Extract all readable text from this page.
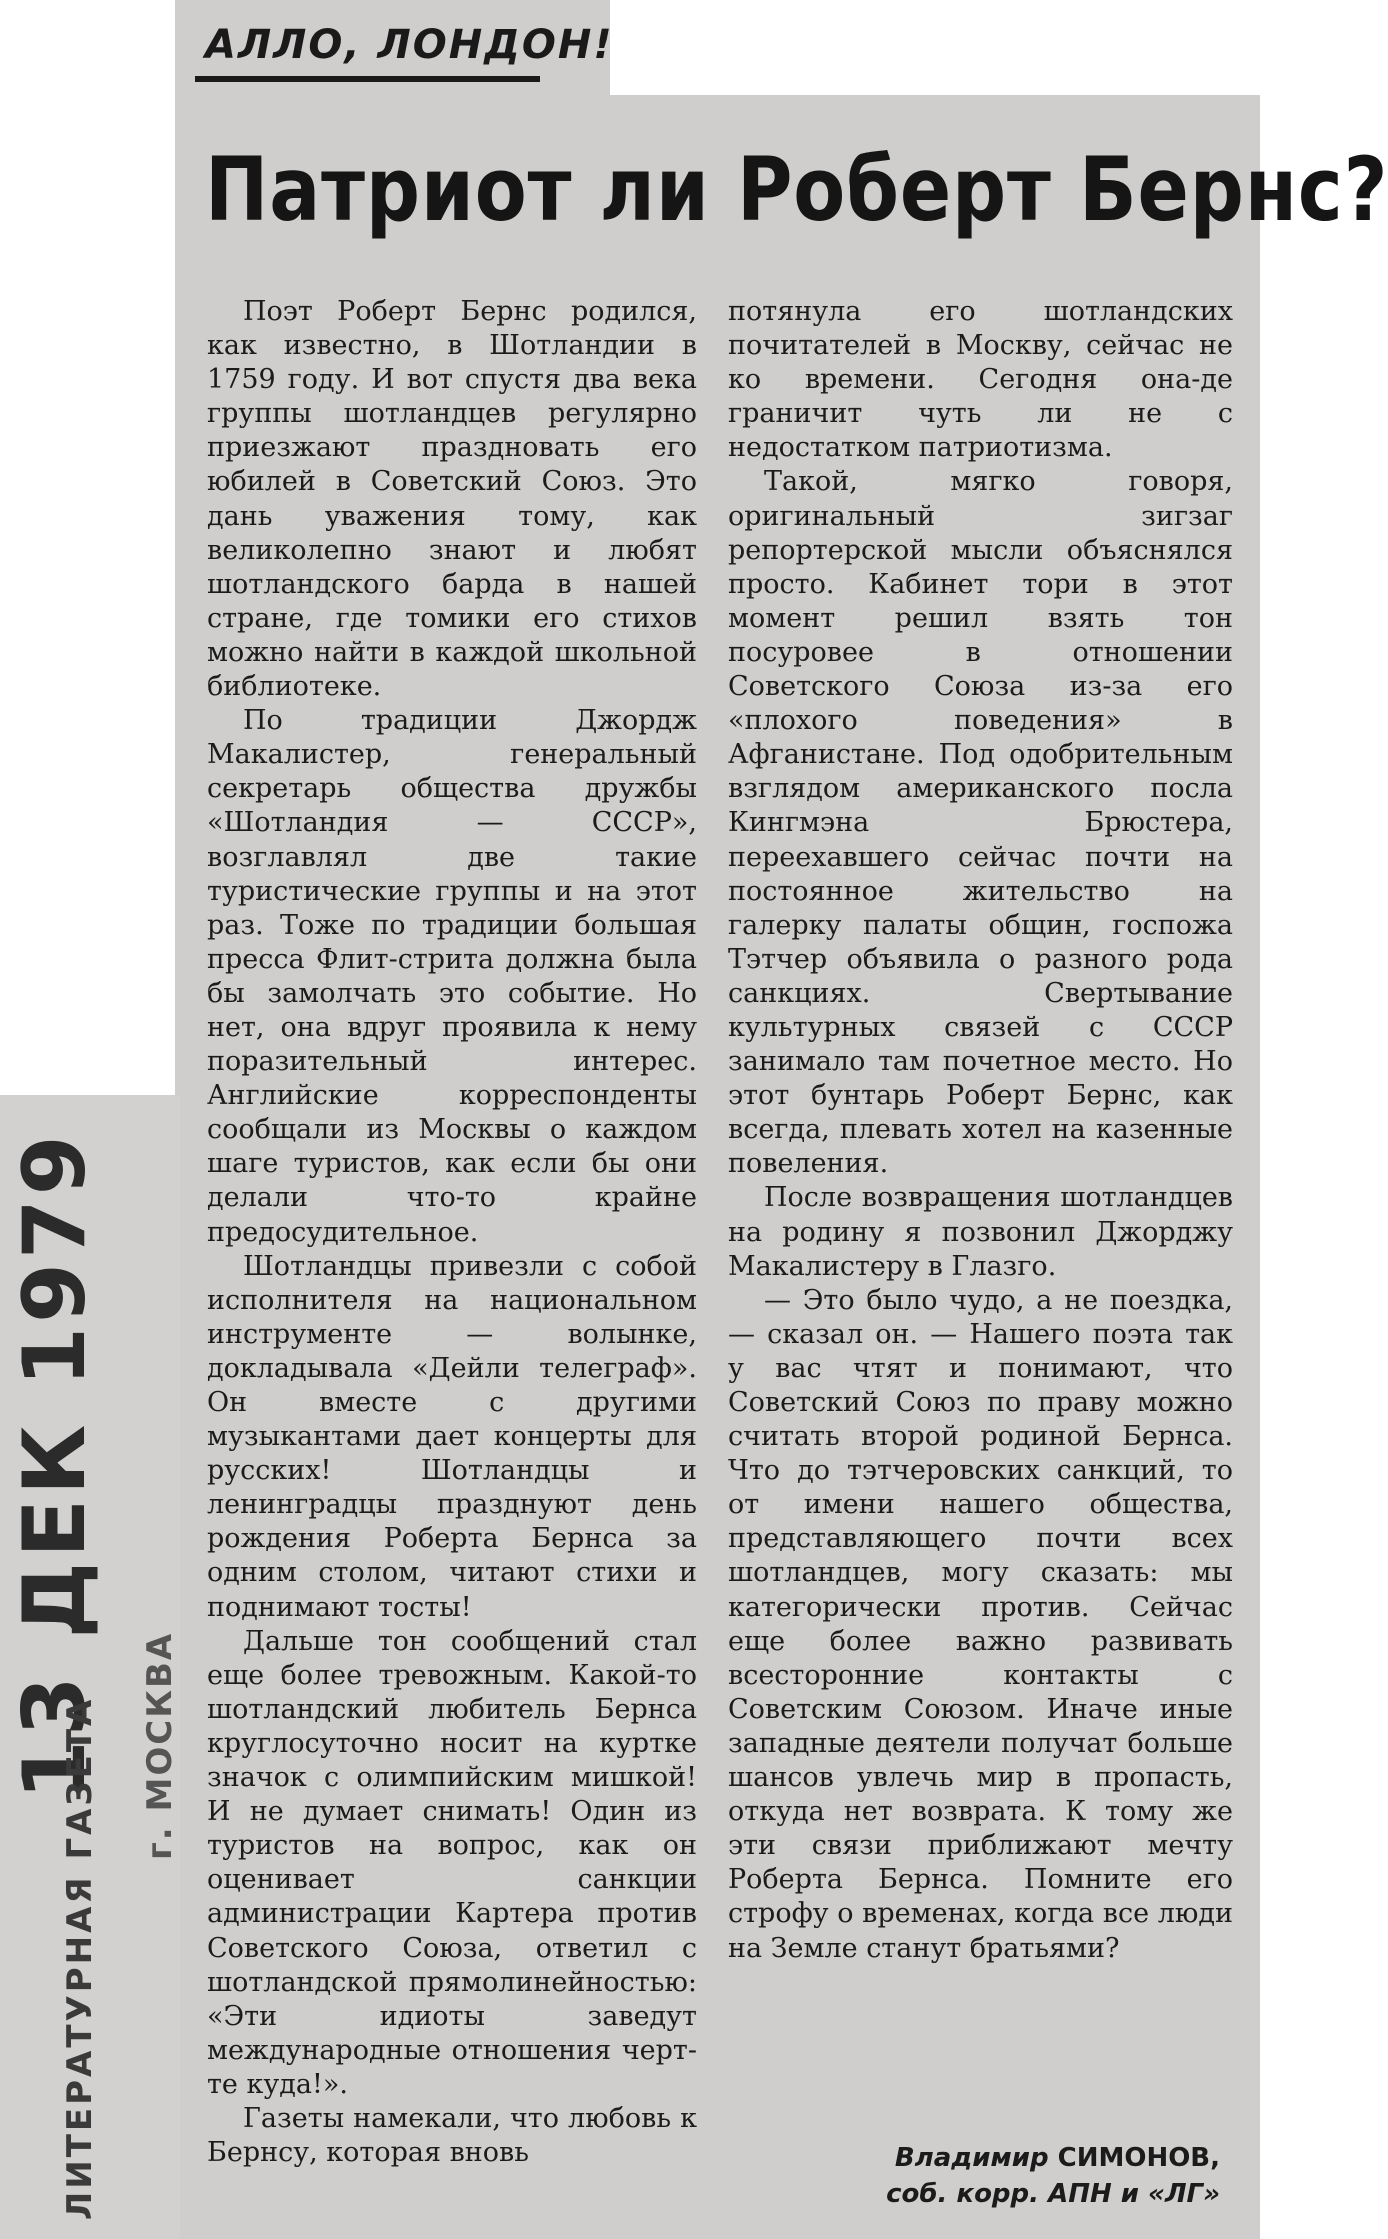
АЛЛО, ЛОНДОН!
Патриот ли Роберт Бернс?

Поэт Роберт Бернс родился, как известно, в Шотландии в 1759 году. И вот спустя два века группы шотландцев регулярно приезжают праздновать его юбилей в Советский Союз. Это дань уважения тому, как великолепно знают и любят шотландского барда в нашей стране, где томики его стихов можно найти в каждой школьной библиотеке.

По традиции Джордж Макалистер, генеральный секретарь общества дружбы «Шотландия — СССР», возглавлял две такие туристические группы и на этот раз. Тоже по традиции большая пресса Флит-стрита должна была бы замолчать это событие. Но нет, она вдруг проявила к нему поразительный интерес. Английские корреспонденты сообщали из Москвы о каждом шаге туристов, как если бы они делали что-то крайне предосудительное.

Шотландцы привезли с собой исполнителя на национальном инструменте — волынке, докладывала «Дейли телеграф». Он вместе с другими музыкантами дает концерты для русских! Шотландцы и ленинградцы празднуют день рождения Роберта Бернса за одним столом, читают стихи и поднимают тосты!

Дальше тон сообщений стал еще более тревожным. Какой-то шотландский любитель Бернса круглосуточно носит на куртке значок с олимпийским мишкой! И не думает снимать! Один из туристов на вопрос, как он оценивает санкции администрации Картера против Советского Союза, ответил с шотландской прямолинейностью: «Эти идиоты заведут международные отношения черт-те куда!».

Газеты намекали, что любовь к Бернсу, которая вновь

потянула его шотландских почитателей в Москву, сейчас не ко времени. Сегодня она-де граничит чуть ли не с недостатком патриотизма.

Такой, мягко говоря, оригинальный зигзаг репортерской мысли объяснялся просто. Кабинет тори в этот момент решил взять тон посуровее в отношении Советского Союза из-за его «плохого поведения» в Афганистане. Под одобрительным взглядом американского посла Кингмэна Брюстера, переехавшего сейчас почти на постоянное жительство на галерку палаты общин, госпожа Тэтчер объявила о разного рода санкциях. Свертывание культурных связей с СССР занимало там почетное место. Но этот бунтарь Роберт Бернс, как всегда, плевать хотел на казенные повеления.

После возвращения шотландцев на родину я позвонил Джорджу Макалистеру в Глазго.

— Это было чудо, а не поездка, — сказал он. — Нашего поэта так у вас чтят и понимают, что Советский Союз по праву можно считать второй родиной Бернса. Что до тэтчеровских санкций, то от имени нашего общества, представляющего почти всех шотландцев, могу сказать: мы категорически против. Сейчас еще более важно развивать всесторонние контакты с Советским Союзом. Иначе иные западные деятели получат больше шансов увлечь мир в пропасть, откуда нет возврата. К тому же эти связи приближают мечту Роберта Бернса. Помните его строфу о временах, когда все люди на Земле станут братьями?

Владимир СИМОНОВ,
соб. корр. АПН и «ЛГ»
13 ДЕК 1979
ЛИТЕРАТУРНАЯ ГАЗЕТА г. МОСКВА
